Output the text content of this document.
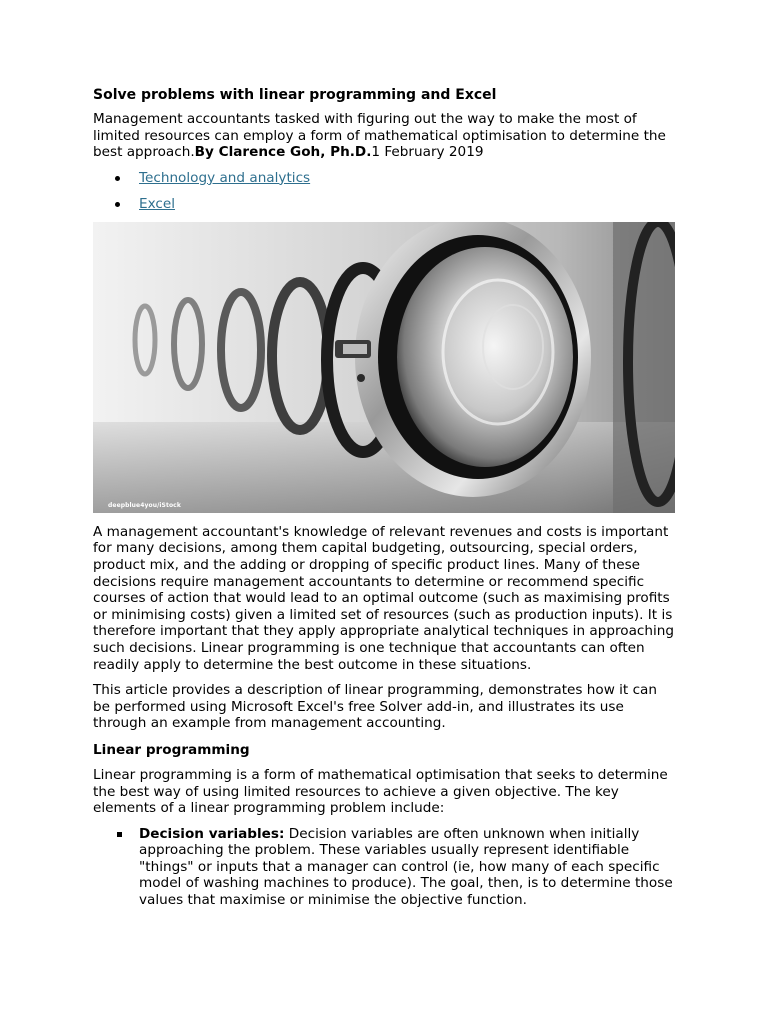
Solve problems with linear programming and Excel

Management accountants tasked with figuring out the way to make the most of limited resources can employ a form of mathematical optimisation to determine the best approach.By Clarence Goh, Ph.D.1 February 2019

Technology and analytics
Excel
deepblue4you/iStock

A management accountant's knowledge of relevant revenues and costs is important for many decisions, among them capital budgeting, outsourcing, special orders, product mix, and the adding or dropping of specific product lines. Many of these decisions require management accountants to determine or recommend specific courses of action that would lead to an optimal outcome (such as maximising profits or minimising costs) given a limited set of resources (such as production inputs). It is therefore important that they apply appropriate analytical techniques in approaching such decisions. Linear programming is one technique that accountants can often readily apply to determine the best outcome in these situations.

This article provides a description of linear programming, demonstrates how it can be performed using Microsoft Excel's free Solver add-in, and illustrates its use through an example from management accounting.

Linear programming

Linear programming is a form of mathematical optimisation that seeks to determine the best way of using limited resources to achieve a given objective. The key elements of a linear programming problem include:

Decision variables: Decision variables are often unknown when initially approaching the problem. These variables usually represent identifiable "things" or inputs that a manager can control (ie, how many of each specific model of washing machines to produce). The goal, then, is to determine those values that maximise or minimise the objective function.
